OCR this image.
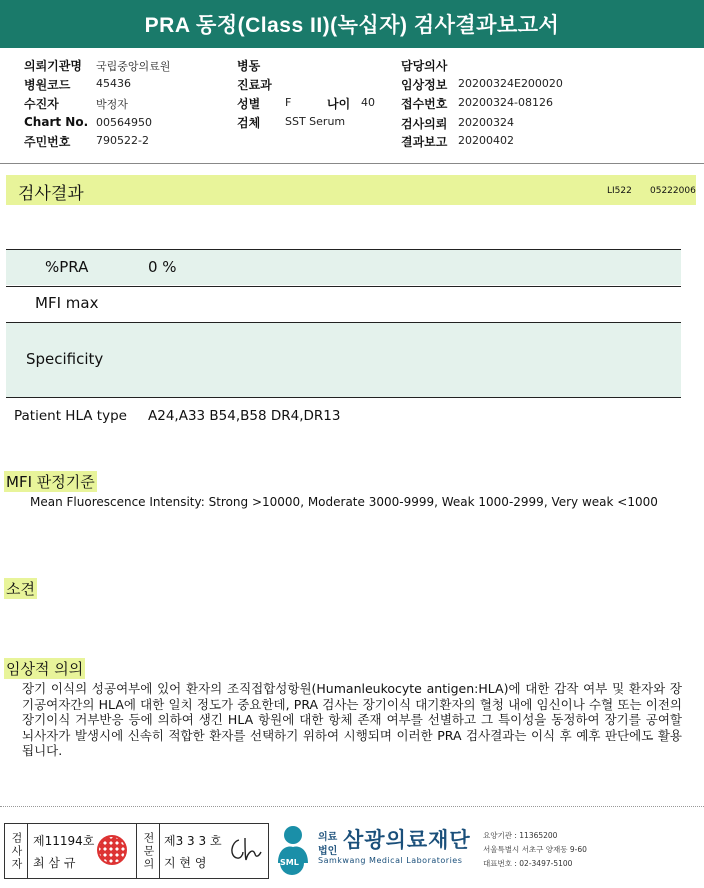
PRA 동정(Class II)(녹십자) 검사결과보고서
의뢰기관명 국립중앙의료원
병원코드 45436
수진자	박정자
Chart No. 00564950
주민번호 790522-2
병동
진료과
성별 F	나이 40
검체 SST Serum
담당의사
임상정보 20200324E200020
접수번호 20200324-08126
검사의뢰 20200324
결과보고 20200402
검사결과	LI522 05222006
%PRA	0 %
MFI max
Specificity
Patient HLA type A24,A33 B54,B58 DR4,DR13
MFI 판정기준
Mean Fluorescence Intensity: Strong >10000, Moderate 3000-9999, Weak 1000-2999, Very weak <1000
소견
임상적 의의
장기 이식의 성공여부에 있어 환자의 조직접합성항원(Humanleukocyte antigen:HLA)에 대한 감작 여부 및 환자와 장기공여자간의 HLA에 대한 일치 정도가 중요한데, PRA 검사는 장기이식 대기환자의 혈청 내에 임신이나 수혈 또는 이전의 장기이식 거부반응 등에 의하여 생긴 HLA 항원에 대한 항체 존재 여부를 선별하고 그 특이성을 동정하여 장기를 공여할 뇌사자가 발생시에 신속히 적합한 환자를 선택하기 위하여 시행되며 이러한 PRA 검사결과는 이식 후 예후 판단에도 활용됩니다.
검사자 제11194호
최 삼 규	전문의 제3 3 3 호
지 현 영	SML
의료
법인 삼광의료재단
Samkwang Medical Laboratories
요양기관 : 11365200
서울특별시 서초구 양재동 9-60
대표번호 : 02-3497-5100
